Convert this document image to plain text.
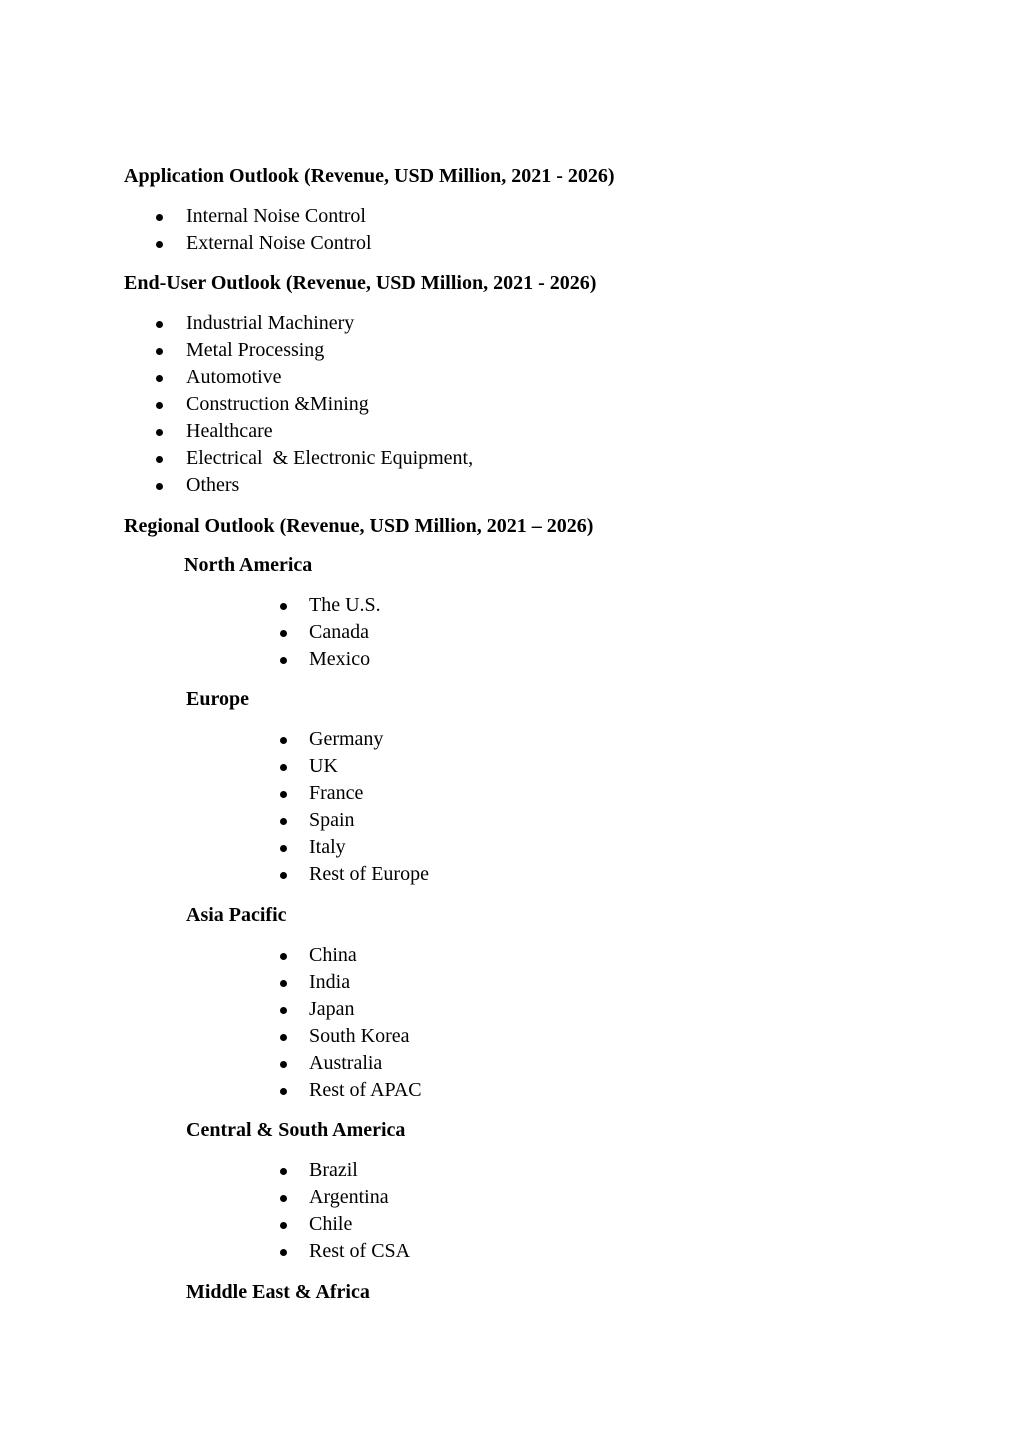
Application Outlook (Revenue, USD Million, 2021 - 2026)

Internal Noise Control
External Noise Control

End-User Outlook (Revenue, USD Million, 2021 - 2026)

Industrial Machinery
Metal Processing
Automotive
Construction &Mining
Healthcare
Electrical  & Electronic Equipment,
Others

Regional Outlook (Revenue, USD Million, 2021 – 2026)

North America

The U.S.
Canada
Mexico

Europe

Germany
UK
France
Spain
Italy
Rest of Europe

Asia Pacific

China
India
Japan
South Korea
Australia
Rest of APAC

Central & South America

Brazil
Argentina
Chile
Rest of CSA

Middle East & Africa
